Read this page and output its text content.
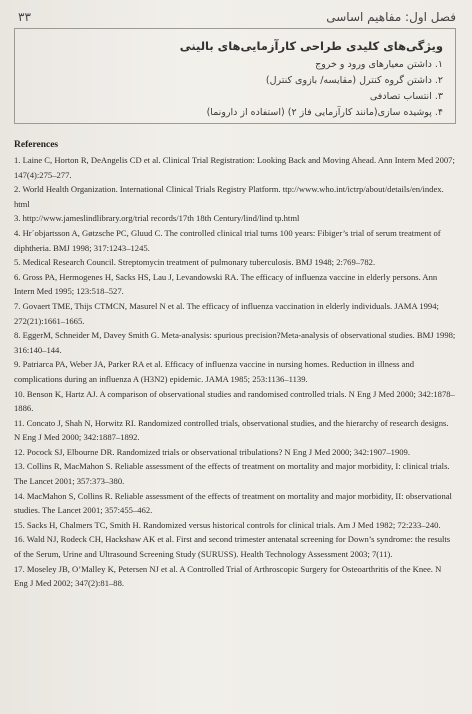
۳۳	فصل اول: مفاهیم اساسی
ویژگی‌های کلیدی طراحی کارآزمایی‌های بالینی
۱. داشتن معیارهای ورود و خروج
۲. داشتن گروه کنترل (مقایسه/ بازوی کنترل)
۳. انتساب تصادفی
۴. پوشیده سازی(مانند کارآزمایی فاز ۲) (استفاده از دارونما)
References
1. Laine C, Horton R, DeAngelis CD et al. Clinical Trial Registration: Looking Back and Moving Ahead. Ann Intern Med 2007;
147(4):275–277.
2. World Health Organization. International Clinical Trials Registry Platform. ttp://www.who.int/ictrp/about/details/en/index.
html
3. http://www.jameslindlibrary.org/trial records/17th 18th Century/lind/lind tp.html
4. Hr´objartsson A, Gøtzsche PC, Gluud C. The controlled clinical trial turns 100 years: Fibiger’s trial of serum treatment of
diphtheria. BMJ 1998; 317:1243–1245.
5. Medical Research Council. Streptomycin treatment of pulmonary tuberculosis. BMJ 1948; 2:769–782.
6. Gross PA, Hermogenes H, Sacks HS, Lau J, Levandowski RA. The efficacy of influenza vaccine in elderly persons. Ann
Intern Med 1995; 123:518–527.
7. Govaert TME, Thijs CTMCN, Masurel N et al. The efficacy of influenza vaccination in elderly individuals. JAMA 1994;
272(21):1661–1665.
8. EggerM, Schneider M, Davey Smith G. Meta-analysis: spurious precision?Meta-analysis of observational studies. BMJ 1998;
316:140–144.
9. Patriarca PA, Weber JA, Parker RA et al. Efficacy of influenza vaccine in nursing homes. Reduction in illness and
complications during an influenza A (H3N2) epidemic. JAMA 1985; 253:1136–1139.
10. Benson K, Hartz AJ. A comparison of observational studies and randomised controlled trials. N Eng J Med 2000; 342:1878–
1886.
11. Concato J, Shah N, Horwitz RI. Randomized controlled trials, observational studies, and the hierarchy of research designs.
N Eng J Med 2000; 342:1887–1892.
12. Pocock SJ, Elbourne DR. Randomized trials or observational tribulations? N Eng J Med 2000; 342:1907–1909.
13. Collins R, MacMahon S. Reliable assessment of the effects of treatment on mortality and major morbidity, I: clinical trials.
The Lancet 2001; 357:373–380.
14. MacMahon S, Collins R. Reliable assessment of the effects of treatment on mortality and major morbidity, II: observational
studies. The Lancet 2001; 357:455–462.
15. Sacks H, Chalmers TC, Smith H. Randomized versus historical controls for clinical trials. Am J Med 1982; 72:233–240.
16. Wald NJ, Rodeck CH, Hackshaw AK et al. First and second trimester antenatal screening for Down’s syndrome: the results
of the Serum, Urine and Ultrasound Screening Study (SURUSS). Health Technology Assessment 2003; 7(11).
17. Moseley JB, O’Malley K, Petersen NJ et al. A Controlled Trial of Arthroscopic Surgery for Osteoarthritis of the Knee. N
Eng J Med 2002; 347(2):81–88.
